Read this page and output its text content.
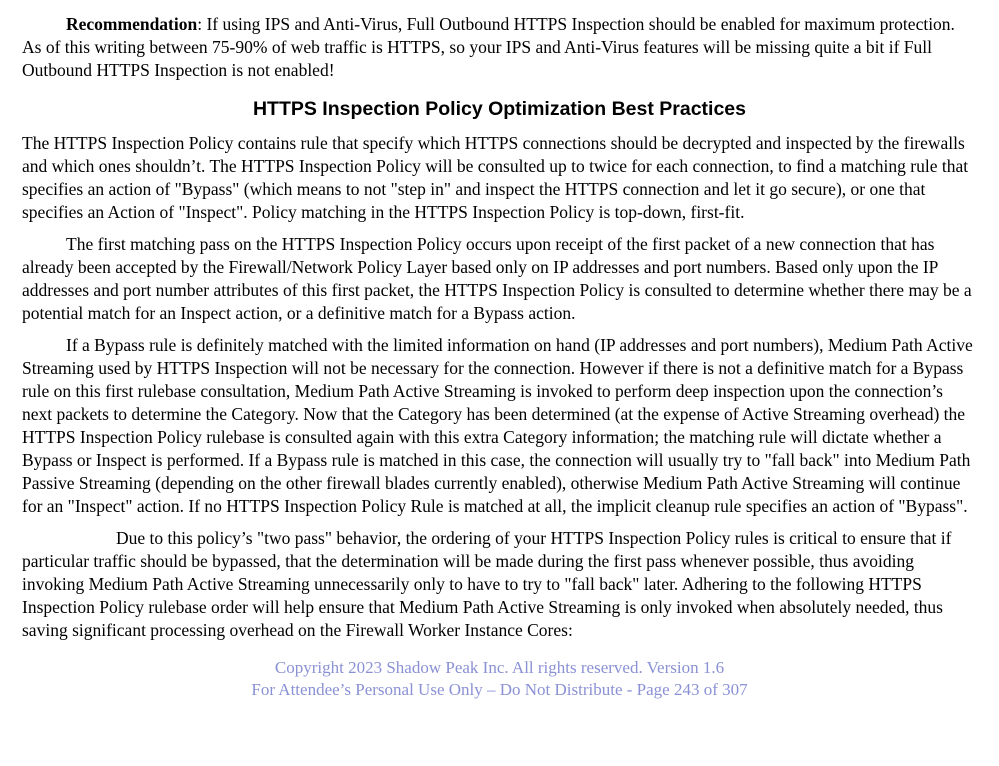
Recommendation: If using IPS and Anti-Virus, Full Outbound HTTPS Inspection should be enabled for maximum protection. As of this writing between 75-90% of web traffic is HTTPS, so your IPS and Anti-Virus features will be missing quite a bit if Full Outbound HTTPS Inspection is not enabled!

HTTPS Inspection Policy Optimization Best Practices

The HTTPS Inspection Policy contains rule that specify which HTTPS connections should be decrypted and inspected by the firewalls and which ones shouldn’t. The HTTPS Inspection Policy will be consulted up to twice for each connection, to find a matching rule that specifies an action of "Bypass" (which means to not "step in" and inspect the HTTPS connection and let it go secure), or one that specifies an Action of "Inspect". Policy matching in the HTTPS Inspection Policy is top-down, first-fit.

The first matching pass on the HTTPS Inspection Policy occurs upon receipt of the first packet of a new connection that has already been accepted by the Firewall/Network Policy Layer based only on IP addresses and port numbers. Based only upon the IP addresses and port number attributes of this first packet, the HTTPS Inspection Policy is consulted to determine whether there may be a potential match for an Inspect action, or a definitive match for a Bypass action.

If a Bypass rule is definitely matched with the limited information on hand (IP addresses and port numbers), Medium Path Active Streaming used by HTTPS Inspection will not be necessary for the connection. However if there is not a definitive match for a Bypass rule on this first rulebase consultation, Medium Path Active Streaming is invoked to perform deep inspection upon the connection’s next packets to determine the Category. Now that the Category has been determined (at the expense of Active Streaming overhead) the HTTPS Inspection Policy rulebase is consulted again with this extra Category information; the matching rule will dictate whether a Bypass or Inspect is performed. If a Bypass rule is matched in this case, the connection will usually try to "fall back" into Medium Path Passive Streaming (depending on the other firewall blades currently enabled), otherwise Medium Path Active Streaming will continue for an "Inspect" action. If no HTTPS Inspection Policy Rule is matched at all, the implicit cleanup rule specifies an action of "Bypass".

Due to this policy’s "two pass" behavior, the ordering of your HTTPS Inspection Policy rules is critical to ensure that if particular traffic should be bypassed, that the determination will be made during the first pass whenever possible, thus avoiding invoking Medium Path Active Streaming unnecessarily only to have to try to "fall back" later. Adhering to the following HTTPS Inspection Policy rulebase order will help ensure that Medium Path Active Streaming is only invoked when absolutely needed, thus saving significant processing overhead on the Firewall Worker Instance Cores:

Copyright 2023 Shadow Peak Inc. All rights reserved. Version 1.6
For Attendee’s Personal Use Only – Do Not Distribute - Page 243 of 307
